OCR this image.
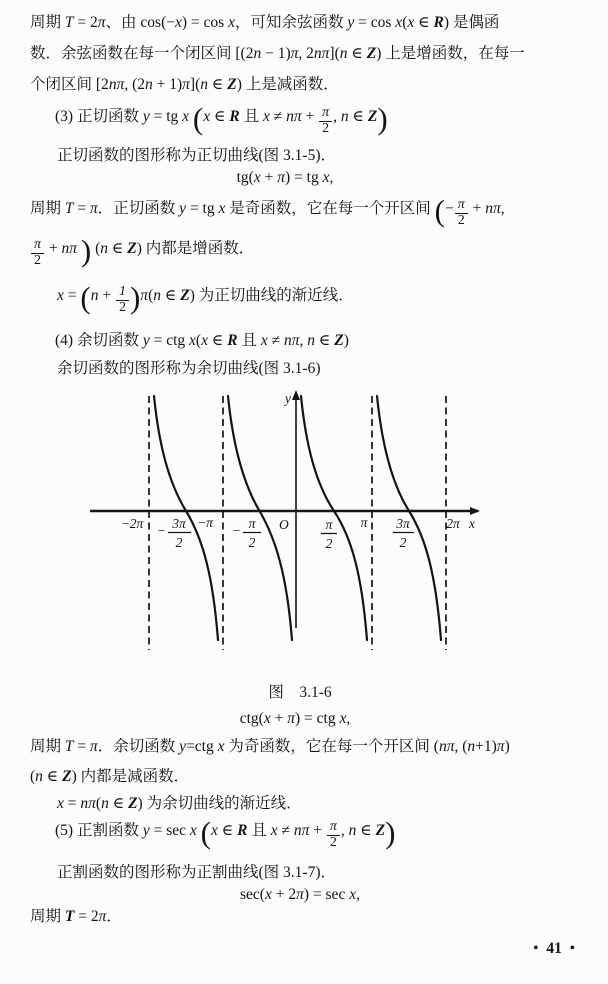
周期 T = 2π、由 cos(−x) = cos x，可知余弦函数 y = cos x(x ∈ R) 是偶函
数．余弦函数在每一个闭区间 [(2n − 1)π, 2nπ](n ∈ Z) 上是增函数，在每一
个闭区间 [2nπ, (2n + 1)π](n ∈ Z) 上是减函数．
(3) 正切函数 y = tg x (x ∈ R 且 $x \ne n\pi + \frac{\pi}{2}$ , n ∈ Z)
正切函数的图形称为正切曲线(图 3.1-5)．
tg(x + π) = tg x,
周期 T = π．正切函数 y = tg x 是奇函数，它在每一个开区间 (− $\frac{\pi}{2} + n\pi$,
$\frac{\pi}{2} + n\pi$ ) (n ∈ Z) 内都是增函数．
$x = (n + \frac{1}{2} )\pi(n$ ∈ Z) 为正切曲线的渐近线．
(4) 余切函数 y = ctg x(x ∈ R 且 x ≠ nπ, n ∈ Z)
余切函数的图形称为余切曲线(图 3.1-6)
图　3.1-6
ctg(x + π) = ctg x,
周期 T = π．余切函数 y=ctg x 为奇函数，它在每一个开区间 (nπ, (n+1)π)
(n ∈ Z) 内都是减函数．
x = nπ(n ∈ Z) 为余切曲线的渐近线．
(5) 正割函数 y = sec x (x ∈ R 且 $x \ne n\pi + \frac{\pi}{2}$ , n ∈ Z)
正割函数的图形称为正割曲线(图 3.1-7)．
sec(x + 2π) = sec x,
周期 T = 2π．
•  41  •
y
x
O
−2π	−π	π	2π
− 3π
2
− π
2
π
2
3π
2
